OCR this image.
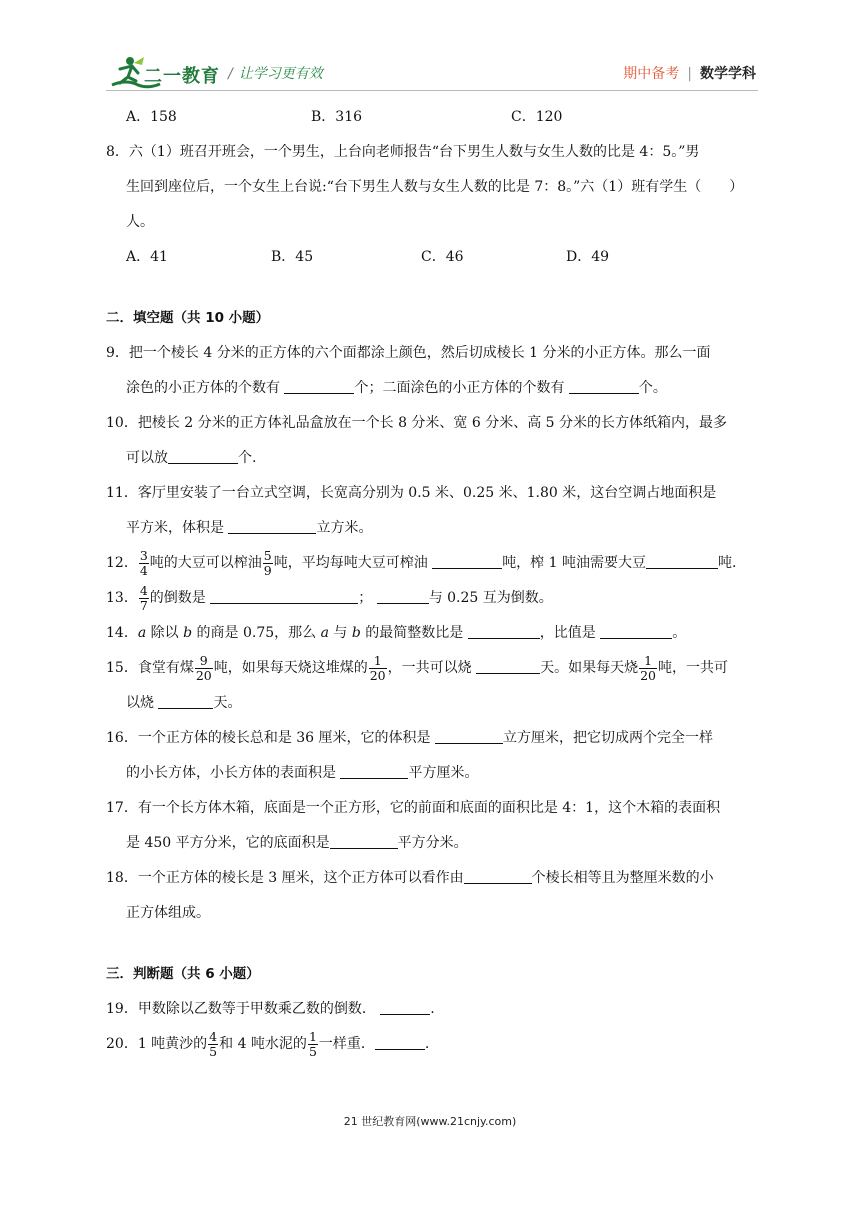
二一教育 / 让学习更有效	期中备考 | 数学学科
A．158	B．316	C．120
8．六（1）班召开班会，一个男生，上台向老师报告“台下男生人数与女生人数的比是 4：5。”男
生回到座位后，一个女生上台说:“台下男生人数与女生人数的比是 7：8。”六（1）班有学生（　　）
人。
A．41	B．45	C．46	D．49
二．填空题（共 10 小题）
9．把一个棱长 4 分米的正方体的六个面都涂上颜色，然后切成棱长 1 分米的小正方体。那么一面
涂色的小正方体的个数有	个；二面涂色的小正方体的个数有	个。
10．把棱长 2 分米的正方体礼品盒放在一个长 8 分米、宽 6 分米、高 5 分米的长方体纸箱内，最多
可以放	个.
11．客厅里安装了一台立式空调，长宽高分别为 0.5 米、0.25 米、1.80 米，这台空调占地面积是
平方米，体积是	立方米。
12． $\frac{3}{4}$ 吨的大豆可以榨油 $\frac{5}{9}$ 吨，平均每吨大豆可榨油	吨，榨 1 吨油需要大豆	吨.
13． $\frac{4}{7}$ 的倒数是	；	与 0.25 互为倒数。
14．a 除以 b 的商是 0.75，那么 a 与 b 的最简整数比是	，比值是	。
15．食堂有煤 $\frac{9}{20}$ 吨，如果每天烧这堆煤的 $\frac{1}{20}$ ，一共可以烧	天。如果每天烧 $\frac{1}{20}$ 吨，一共可
以烧	天。
16．一个正方体的棱长总和是 36 厘米，它的体积是	立方厘米，把它切成两个完全一样
的小长方体，小长方体的表面积是	平方厘米。
17．有一个长方体木箱，底面是一个正方形，它的前面和底面的面积比是 4：1，这个木箱的表面积
是 450 平方分米，它的底面积是	平方分米。
18．一个正方体的棱长是 3 厘米，这个正方体可以看作由	个棱长相等且为整厘米数的小
正方体组成。
三．判断题（共 6 小题）
19．甲数除以乙数等于甲数乘乙数的倒数．	.
20．1 吨黄沙的 $\frac{4}{5}$ 和 4 吨水泥的 $\frac{1}{5}$ 一样重．	.
21 世纪教育网(www.21cnjy.com)
